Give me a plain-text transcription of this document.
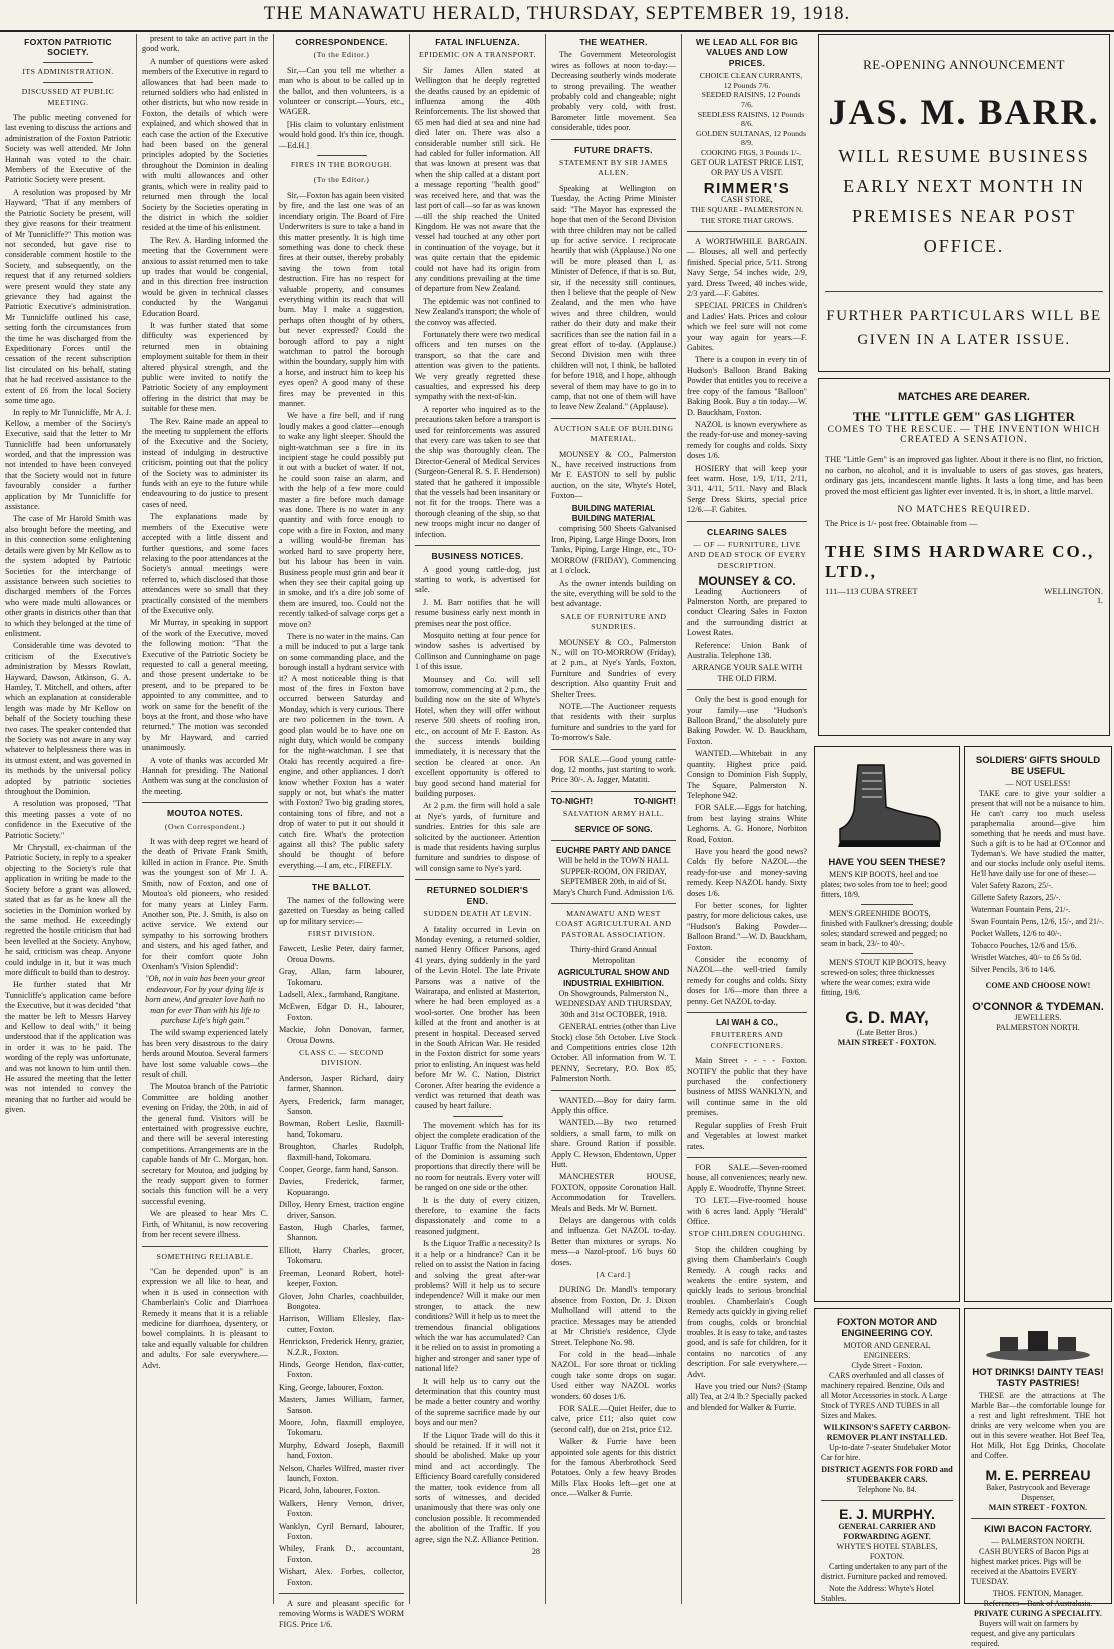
THE MANAWATU HERALD, THURSDAY, SEPTEMBER 19, 1918.
FOXTON PATRIOTIC SOCIETY.
ITS ADMINISTRATION.
DISCUSSED AT PUBLIC MEETING.

The public meeting convened for last evening to discuss the actions and administration of the Foxton Patriotic Society was well attended. Mr John Hannah was voted to the chair. Members of the Executive of the Patriotic Society were present.

A resolution was proposed by Mr Hayward, "That if any members of the Patriotic Society be present, will they give reasons for their treatment of Mr Tunnicliffe?" This motion was not seconded, but gave rise to considerable comment hostile to the Society, and subsequently, on the request that if any returned soldiers were present would they state any grievance they had against the Patriotic Executive's administration. Mr Tunnicliffe outlined his case, setting forth the circumstances from the time he was discharged from the Expeditionary Forces until the cessation of the recent subscription list circulated on his behalf, stating that he had received assistance to the extent of £6 from the local Society some time ago.

In reply to Mr Tunnicliffe, Mr A. J. Kellow, a member of the Society's Executive, said that the letter to Mr Tunnicliffe had been unfortunately worded, and that the impression was not intended to have been conveyed that the Society would not in future favourably consider a further application by Mr Tunnicliffe for assistance.

The case of Mr Harold Smith was also brought before the meeting, and in this connection some enlightening details were given by Mr Kellow as to the system adopted by Patriotic Societies for the interchange of assistance between such societies to discharged members of the Forces who were made multi allowances or other grants in districts other than that to which they belonged at the time of enlistment.

Considerable time was devoted to criticism of the Executive's administration by Messrs Rowlatt, Hayward, Dawson, Atkinson, G. A. Hamley, T. Mitchell, and others, after which an explanation at considerable length was made by Mr Kellow on behalf of the Society touching these two cases. The speaker contended that the Society was not aware in any way whatever to helplessness there was in its utmost extent, and was governed in its methods by the universal policy adopted by patriotic societies throughout the Dominion.

A resolution was proposed, "That this meeting passes a vote of no confidence in the Executive of the Patriotic Society."

Mr Chrystall, ex-chairman of the Patriotic Society, in reply to a speaker objecting to the Society's rule that application in writing be made to the Society before a grant was allowed, stated that as far as he knew all the societies in the Dominion worked by the same method. He exceedingly regretted the hostile criticism that had been levelled at the Society. Anyhow, he said, criticism was cheap. Anyone could indulge in it, but it was much more difficult to build than to destroy.

He further stated that Mr Tunnicliffe's application came before the Executive, but it was decided "that the matter be left to Messrs Harvey and Kellow to deal with," it being understood that if the application was in order it was to be paid. The wording of the reply was unfortunate, and was not known to him until then. He assured the meeting that the letter was not intended to convey the meaning that no further aid would be given.

present to take an active part in the good work.

A number of questions were asked members of the Executive in regard to allowances that had been made to returned soldiers who had enlisted in other districts, but who now reside in Foxton, the details of which were explained, and which showed that in each case the action of the Executive had been based on the general principles adopted by the Societies throughout the Dominion in dealing with multi allowances and other grants, which were in reality paid to returned men through the local Society by the Societies operating in the district in which the soldier resided at the time of his enlistment.

The Rev. A. Harding informed the meeting that the Government were anxious to assist returned men to take up trades that would be congenial, and in this direction free instruction would be given in technical classes conducted by the Wanganui Education Board.

It was further stated that some difficulty was experienced by returned men in obtaining employment suitable for them in their altered physical strength, and the public were invited to notify the Patriotic Society of any employment offering in the district that may be suitable for these men.

The Rev. Raine made an appeal to the meeting to supplement the efforts of the Executive and the Society, instead of indulging in destructive criticism, pointing out that the policy of the Society was to administer its funds with an eye to the future while endeavouring to do justice to present cases of need.

The explanations made by members of the Executive were accepted with a little dissent and further questions, and some faces relaxing to the poor attendances at the Society's annual meetings were referred to, which disclosed that those attendances were so small that they practically consisted of the members of the Executive only.

Mr Murray, in speaking in support of the work of the Executive, moved the following motion: "That the Executive of the Patriotic Society be requested to call a general meeting, and those present undertake to be present, and to be prepared to be appointed to any committee, and to work on same for the benefit of the boys at the front, and those who have returned." The motion was seconded by Mr Hayward, and carried unanimously.

A vote of thanks was accorded Mr Hannah for presiding. The National Anthem was sung at the conclusion of the meeting.

MOUTOA NOTES.
(Own Correspondent.)

It was with deep regret we heard of the death of Private Frank Smith, killed in action in France. Pte. Smith was the youngest son of Mr J. A. Smith, now of Foxton, and one of Moutoa's old pioneers, who resided for many years at Linley Farm. Another son, Pte. J. Smith, is also on active service. We extend our sympathy to his sorrowing brothers and sisters, and his aged father, and for their comfort quote John Oxenham's 'Vision Splendid':

"Oh, not in vain has been your great endeavour, For by your dying life is born anew, And greater love hath no man for ever Than with his life to purchase Life's high gain."

The wild swamp experienced lately has been very disastrous to the dairy herds around Moutoa. Several farmers have lost some valuable cows—the result of chill.

The Moutoa branch of the Patriotic Committee are holding another evening on Friday, the 20th, in aid of the general fund. Visitors will be entertained with progressive euchre, and there will be several interesting competitions. Arrangements are in the capable hands of Mr C. Morgan, hon. secretary for Moutoa, and judging by the ready support given to former socials this function will be a very successful evening.

We are pleased to hear Mrs C. Firth, of Whitanui, is now recovering from her recent severe illness.

SOMETHING RELIABLE.

"Can be depended upon" is an expression we all like to hear, and when it is used in connection with Chamberlain's Colic and Diarrhoea Remedy it means that it is a reliable medicine for diarrhoea, dysentery, or bowel complaints. It is pleasant to take and equally valuable for children and adults. For sale everywhere.—Advt.

CORRESPONDENCE.
(To the Editor.)

Sir,—Can you tell me whether a man who is about to be called up in the ballot, and then volunteers, is a volunteer or conscript.—Yours, etc., WAGER.

[His claim to voluntary enlistment would hold good. It's thin ice, though.—Ed.H.]

FIRES IN THE BOROUGH.
(To the Editor.)

Sir,—Foxton has again been visited by fire, and the last one was of an incendiary origin. The Board of Fire Underwriters is sure to take a hand in this matter presently. It is high time something was done to check these fires at their outset, thereby probably saving the town from total destruction. Fire has no respect for valuable property, and consumes everything within its reach that will burn. May I make a suggestion, perhaps often thought of by others, but never expressed? Could the borough afford to pay a night watchman to patrol the borough within the boundary, supply him with a horse, and instruct him to keep his eyes open? A good many of these fires may be prevented in this manner.

We have a fire bell, and if rung loudly makes a good clatter—enough to wake any light sleeper. Should the night-watchman see a fire in its incipient stage he could possibly put it out with a bucket of water. If not, he could soon raise an alarm, and with the help of a few more could master a fire before much damage was done. There is no water in any quantity and with force enough to cope with a fire in Foxton, and many a willing would-be fireman has worked hard to save property here, but his labour has been in vain. Business people must grin and bear it when they see their capital going up in smoke, and it's a dire job some of them are insured, too. Could not the recently talked-of salvage corps get a move on?

There is no water in the mains. Can a mill be induced to put a large tank on some commanding place, and the borough install a hydrant service with it? A most noticeable thing is that most of the fires in Foxton have occurred between Saturday and Monday, which is very curious. There are two policemen in the town. A good plan would be to have one on night duty, which would be company for the night-watchman. I see that Otaki has recently acquired a fire-engine, and other appliances. I don't know whether Foxton has a water supply or not, but what's the matter with Foxton? Two big grading stores, containing tons of fibre, and not a drop of water to put it out should it catch fire. What's the protection against all this? The public safety should be thought of before everything.—I am, etc., FIREFLY.

THE BALLOT.

The names of the following were gazetted on Tuesday as being called up for military service:—

FIRST DIVISION.
Fawcett, Leslie Peter, dairy farmer, Oroua Downs.
Gray, Allan, farm labourer, Tokomaru.
Ladsell, Alex., farmhand, Rangitane.
McEwen, Edgar D. H., labourer, Foxton.
Mackie, John Donovan, farmer, Oroua Downs.
CLASS C. — SECOND DIVISION.
Anderson, Jasper Richard, dairy farmer, Shannon.
Ayers, Frederick, farm manager, Sanson.
Bowman, Robert Leslie, flaxmill-hand, Tokomaru.
Broughton, Charles Rudolph, flaxmill-hand, Tokomaru.
Cooper, George, farm hand, Sanson.
Davies, Frederick, farmer, Kopuarango.
Dilloy, Henry Ernest, traction engine driver, Sanson.
Easton, Hugh Charles, farmer, Shannon.
Elliott, Harry Charles, grocer, Tokomaru.
Freeman, Leonard Robert, hotel-keeper, Foxton.
Glover, John Charles, coachbuilder, Bongotea.
Harrison, William Ellesley, flax-cutter, Foxton.
Henrickson, Frederick Henry, grazier, N.Z.R., Foxton.
Hinds, George Hendon, flax-cutter, Foxton.
King, George, labourer, Foxton.
Masters, James William, farmer, Sanson.
Moore, John, flaxmill employee, Tokomaru.
Murphy, Edward Joseph, flaxmill hand, Foxton.
Nelson, Charles Wilfred, master river launch, Foxton.
Picard, John, labourer, Foxton.
Walkers, Henry Vernon, driver, Foxton.
Wanklyn, Cyril Bernard, labourer, Foxton.
Whiley, Frank D., accountant, Foxton.
Wishart, Alex. Forbes, collector, Foxton.

A sure and pleasant specific for removing Worms is WADE'S WORM FIGS. Price 1/6.

FATAL INFLUENZA.
EPIDEMIC ON A TRANSPORT.

Sir James Allen stated at Wellington that he deeply regretted the deaths caused by an epidemic of influenza among the 40th Reinforcements. The list showed that 65 men had died at sea and nine had died later on. There was also a considerable number still sick. He had cabled for fuller information. All that was known at present was that when the ship called at a distant port a message reporting "health good" was received here, and that was the last port of call—so far as was known—till the ship reached the United Kingdom. He was not aware that the vessel had touched at any other port in continuation of the voyage, but it was quite certain that the epidemic could not have had its origin from any conditions prevailing at the time of departure from New Zealand.

The epidemic was not confined to New Zealand's transport; the whole of the convoy was affected.

Fortunately there were two medical officers and ten nurses on the transport, so that the care and attention was given to the patients. We very greatly regretted these casualties, and expressed his deep sympathy with the next-of-kin.

A reporter who inquired as to the precautions taken before a transport is used for reinforcements was assured that every care was taken to see that the ship was thoroughly clean. The Director-General of Medical Services (Surgeon-General R. S. F. Henderson) stated that he gathered it impossible that the vessels had been insanitary or not fit for the troops. There was a thorough cleaning of the ship, so that new troops might incur no danger of infection.

BUSINESS NOTICES.

A good young cattle-dog, just starting to work, is advertised for sale.

J. M. Barr notifies that he will resume business early next month in premises near the post office.

Mosquito netting at four pence for window sashes is advertised by Collinson and Cunninghame on page 1 of this issue.

Mounsey and Co. will sell tomorrow, commencing at 2 p.m., the building now on the site of Whyte's Hotel, when they will offer without reserve 500 sheets of roofing iron, etc., on account of Mr F. Easton. As the success intends building immediately, it is necessary that the section be cleared at once. An excellent opportunity is offered to buy good second hand material for building purposes.

At 2 p.m. the firm will hold a sale at Nye's yards, of furniture and sundries. Entries for this sale are solicited by the auctioneer. Attention is made that residents having surplus furniture and sundries to dispose of will consign same to Nye's yard.

RETURNED SOLDIER'S END.
SUDDEN DEATH AT LEVIN.

A fatality occurred in Levin on Monday evening, a returned soldier, named Henry Officer Parsons, aged 41 years, dying suddenly in the yard of the Levin Hotel. The late Private Parsons was a native of the Wairarapa, and enlisted at Masterton, where he had been employed as a wool-sorter. One brother has been killed at the front and another is at present in hospital. Deceased served in the South African War. He resided in the Foxton district for some years prior to enlisting. An inquest was held before Mr W. C. Nation, District Coroner. After hearing the evidence a verdict was returned that death was caused by heart failure.

The movement which has for its object the complete eradication of the Liquor Traffic from the National life of the Dominion is assuming such proportions that directly there will be no room for neutrals. Every voter will be ranged on one side or the other.

It is the duty of every citizen, therefore, to examine the facts dispassionately and come to a reasoned judgment.

Is the Liquor Traffic a necessity? Is it a help or a hindrance? Can it be relied on to assist the Nation in facing and solving the great after-war problems? Will it help us to secure independence? Will it make our men stronger, to attack the new conditions? Will it help us to meet the tremendous financial obligations which the war has accumulated? Can it be relied on to assist in promoting a higher and stronger and saner type of national life?

It will help us to carry out the determination that this country must be made a better country and worthy of the supreme sacrifice made by our boys and our men?

If the Liquor Trade will do this it should be retained. If it will not it should be abolished. Make up your mind and act accordingly. The Efficiency Board carefully considered the matter, took evidence from all sorts of witnesses, and decided unanimously that there was only one conclusion possible. It recommended the abolition of the Traffic. If you agree, sign the N.Z. Alliance Petition.

28
THE WEATHER.

The Government Meteorologist wires as follows at noon to-day:— Decreasing southerly winds moderate to strong prevailing. The weather probably cold and changeable; night probably very cold, with frost. Barometer little movement. Sea considerable, tides poor.

FUTURE DRAFTS.
STATEMENT BY SIR JAMES ALLEN.

Speaking at Wellington on Tuesday, the Acting Prime Minister said: "The Mayor has expressed the hope that men of the Second Division with three children may not be called up for active service. I reciprocate heartily that wish (Applause.) No one will be more pleased than I, as Minister of Defence, if that is so. But, sir, if the necessity still continues, then I believe that the people of New Zealand, and the men who have wives and three children, would rather do their duty and make their sacrifices than see the nation fail in a great effort of to-day. (Applause.) Second Division men with three children will not, I think, be balloted for before 1918, and I hope, although several of them may have to go in to camp, that not one of them will have to leave New Zealand." (Applause).

AUCTION SALE OF BUILDING MATERIAL.

MOUNSEY & CO., Palmerston N., have received instructions from Mr F. EASTON to sell by public auction, on the site, Whyte's Hotel, Foxton—

BUILDING MATERIAL BUILDING MATERIAL

comprising 500 Sheets Galvanised Iron, Piping, Large Hinge Doors, Iron Tanks, Piping, Large Hinge, etc., TO-MORROW (FRIDAY), Commencing at 1 o'clock.

As the owner intends building on the site, everything will be sold to the best advantage.

SALE OF FURNITURE AND SUNDRIES.

MOUNSEY & CO., Palmerston N., will on TO-MORROW (Friday), at 2 p.m., at Nye's Yards, Foxton, Furniture and Sundries of every description. Also quantity Fruit and Shelter Trees.

NOTE.—The Auctioneer requests that residents with their surplus furniture and sundries to the yard for To-morrow's Sale.

FOR SALE.—Good young cattle-dog, 12 months, just starting to work. Price 30/-. A. Jagger, Matatiti.

TO-NIGHT!	TO-NIGHT!
SALVATION ARMY HALL.
SERVICE OF SONG.
EUCHRE PARTY AND DANCE

Will be held in the TOWN HALL SUPPER-ROOM, ON FRIDAY, SEPTEMBER 20th, in aid of St. Mary's Church Fund. Admission 1/6.

MANAWATU AND WEST COAST AGRICULTURAL AND PASTORAL ASSOCIATION.

Thirty-third Grand Annual Metropolitan

AGRICULTURAL SHOW AND INDUSTRIAL EXHIBITION.

On Showgrounds, Palmerston N., WEDNESDAY AND THURSDAY, 30th and 31st OCTOBER, 1918.

GENERAL entries (other than Live Stock) close 5th October. Live Stock and Competitions entries close 12th October. All information from W. T. PENNY, Secretary, P.O. Box 85, Palmerston North.

WANTED.—Boy for dairy farm. Apply this office.

WANTED.—By two returned soldiers, a small farm, to milk on share. Ground Ration if possible. Apply C. Hewson, Ebdentown, Upper Hutt.

MANCHESTER HOUSE, FOXTON, opposite Coronation Hall. Accommodation for Travellers. Meals and Beds. Mr W. Burnett.

Delays are dangerous with colds and influenza. Get NAZOL to-day. Better than mixtures or syrups. No mess—a Nazol-proof. 1/6 buys 60 doses.

[A Card.]

DURING Dr. Mandl's temporary absence from Foxton, Dr. J. Dixon Mulholland will attend to the practice. Messages may be attended at Mr Christie's residence, Clyde Street. Telephone No. 98.

For cold in the head—inhale NAZOL. For sore throat or tickling cough take some drops on sugar. Used either way NAZOL works wonders. 60 doses 1/6.

FOR SALE.—Quiet Heifer, due to calve, price £11; also quiet cow (second calf), due on 21st, price £12.

Walker & Furrie have been appointed sole agents for this district for the famous Aberbrothock Seed Potatoes. Only a few heavy Brodes Mills Flax Hooks left—get one at once.—Walker & Furrie.

WE LEAD ALL FOR BIG VALUES AND LOW PRICES.

CHOICE CLEAN CURRANTS, 12 Pounds 7/6.

SEEDED RAISINS, 12 Pounds 7/6.

SEEDLESS RAISINS, 12 Pounds 8/6.

GOLDEN SULTANAS, 12 Pounds 8/9.

COOKING FIGS, 3 Pounds 1/-.

GET OUR LATEST PRICE LIST, OR PAY US A VISIT.

RIMMER'S
CASH STORE,
THE SQUARE - PALMERSTON N.
THE STORE THAT GROWS.

A WORTHWHILE BARGAIN.— Blouses, all well and perfectly finished. Special price, 5/11. Strong Navy Serge, 54 inches wide, 2/9, yard. Dress Tweed, 40 inches wide, 2/3 yard.—F. Gabites.

SPECIAL PRICES in Children's and Ladies' Hats. Prices and colour which we feel sure will not come your way again for years.—F. Gabites.

There is a coupon in every tin of Hudson's Balloon Brand Baking Powder that entitles you to receive a free copy of the famous "Balloon" Baking Book. Buy a tin today.—W. D. Bauckham, Foxton.

NAZOL is known everywhere as the ready-for-use and money-saving remedy for coughs and colds. Sixty doses 1/6.

HOSIERY that will keep your feet warm. Hose, 1/9, 1/11, 2/11, 3/11, 4/11, 5/11. Navy and Black Serge Dress Skirts, special price 12/6.—F. Gabites.

CLEARING SALES
— OF — FURNITURE, LIVE AND DEAD STOCK OF EVERY DESCRIPTION.
MOUNSEY & CO.

Leading Auctioneers of Palmerston North, are prepared to conduct Clearing Sales in Foxton and the surrounding district at Lowest Rates.

Reference: Union Bank of Australia. Telephone 138.

ARRANGE YOUR SALE WITH THE OLD FIRM.

Only the best is good enough for your family—use "Hudson's Balloon Brand," the absolutely pure Baking Powder. W. D. Bauckham, Foxton.

WANTED.—Whitebait in any quantity. Highest price paid. Consign to Dominion Fish Supply, The Square, Palmerston N. Telephone 942.

FOR SALE.—Eggs for hatching, from best laying strains White Leghorns. A. G. Honore, Norbiton Road, Foxton.

Have you heard the good news? Colds fly before NAZOL—the ready-for-use and money-saving remedy. Keep NAZOL handy. Sixty doses 1/6.

For better scones, for lighter pastry, for more delicious cakes, use "Hudson's Baking Powder—Balloon Brand."—W. D. Bauckham, Foxton.

Consider the economy of NAZOL—the well-tried family remedy for coughs and colds. Sixty doses for 1/6—more than three a penny. Get NAZOL to-day.

LAI WAH & CO.,
FRUITERERS AND CONFECTIONERS.

Main Street - - - - Foxton. NOTIFY the public that they have purchased the confectionery business of MISS WANKLYN, and will continue same in the old premises.

Regular supplies of Fresh Fruit and Vegetables at lowest market rates.

FOR SALE.—Seven-roomed house, all conveniences; nearly new. Apply E. Woodroffe, Thynne Street.

TO LET.—Five-roomed house with 6 acres land. Apply "Herald" Office.

STOP CHILDREN COUGHING.

Stop the children coughing by giving them Chamberlain's Cough Remedy. A cough racks and weakens the entire system, and quickly leads to serious bronchial troubles. Chamberlain's Cough Remedy acts quickly in giving relief from coughs, colds or bronchial troubles. It is easy to take, and tastes good, and is safe for children, for it contains no narcotics of any description. For sale everywhere.—Advt.

Have you tried our Nuts? (Stamp all) Tea, at 2/4 lb.? Specially packed and blended for Walker & Furrie.

RE-OPENING ANNOUNCEMENT
JAS. M. BARR.
WILL RESUME BUSINESS EARLY NEXT MONTH IN PREMISES NEAR POST OFFICE.
FURTHER PARTICULARS WILL BE GIVEN IN A LATER ISSUE.
MATCHES ARE DEARER.
THE "LITTLE GEM" GAS LIGHTER
COMES TO THE RESCUE. — THE INVENTION WHICH CREATED A SENSATION.
THE "Little Gem" is an improved gas lighter. About it there is no flint, no friction, no carbon, no alcohol, and it is invaluable to users of gas stoves, gas heaters, ordinary gas jets, incandescent mantle lights. It lasts a long time, and has been proved the most efficient gas lighter ever invented. It is, in short, a little marvel.
NO MATCHES REQUIRED.
The Price is 1/- post free. Obtainable from —
THE SIMS HARDWARE CO., LTD.,
111—113 CUBA STREET	WELLINGTON.
1.
HAVE YOU SEEN THESE?

MEN'S KIP BOOTS, heel and toe plates; two soles from toe to heel; good fitters, 18/9.

MEN'S GREENHIDE BOOTS, finished with Faulkner's dressing; double soles; standard screwed and pegged; no seam in back, 23/- to 40/-.

MEN'S STOUT KIP BOOTS, heavy screwed-on soles; three thicknesses where the wear comes; extra wide fitting, 19/6.

G. D. MAY,
(Late Better Bros.)
MAIN STREET - FOXTON.
SOLDIERS' GIFTS SHOULD BE USEFUL
— NOT USELESS!

TAKE care to give your soldier a present that will not be a nuisance to him. He can't carry too much useless paraphernalia around—give him something that he needs and must have. Such a gift is to be had at O'Connor and Tydeman's. We have studied the matter, and our stocks include only useful items. He'll have daily use for one of these:—

Valet Safety Razors, 25/-.
Gillette Safety Razors, 25/-.
Waterman Fountain Pens, 21/-.
Swan Fountain Pens, 12/6, 15/-, and 21/-.
Pocket Wallets, 12/6 to 40/-.
Tobacco Pouches, 12/6 and 15/6.
Wristlet Watches, 40/- to £6 5s 0d.
Silver Pencils, 3/6 to 14/6.
COME AND CHOOSE NOW!
O'CONNOR & TYDEMAN.
JEWELLERS.
PALMERSTON NORTH.
FOXTON MOTOR AND ENGINEERING COY.
MOTOR AND GENERAL ENGINEERS.
Clyde Street - Foxton.

CARS overhauled and all classes of machinery repaired. Benzine, Oils and all Motor Accessories in stock. A Large Stock of TYRES AND TUBES in all Sizes and Makes.

WILKINSON'S SAFETY CARBON-REMOVER PLANT INSTALLED.

Up-to-date 7-seater Studebaker Motor Car for hire.

DISTRICT AGENTS FOR FORD and STUDEBAKER CARS.
Telephone No. 84.
E. J. MURPHY.
GENERAL CARRIER AND FORWARDING AGENT.
WHYTE'S HOTEL STABLES, FOXTON.

Carting undertaken to any part of the district. Furniture packed and removed.

Note the Address: Whyte's Hotel Stables.

HOT DRINKS! DAINTY TEAS! TASTY PASTRIES!

THESE are the attractions at The Marble Bar—the comfortable lounge for a rest and light refreshment. THE hot drinks are very welcome when you are out in this severe weather. Hot Beef Tea, Hot Milk, Hot Egg Drinks, Chocolate and Coffee.

M. E. PERREAU
Baker, Pastrycook and Beverage Dispenser,
MAIN STREET - FOXTON.
KIWI BACON FACTORY.
— PALMERSTON NORTH.

CASH BUYERS of Bacon Pigs at highest market prices. Pigs will be received at the Abattoirs EVERY TUESDAY.

THOS. FENTON, Manager.
References—Bank of Australasia.
PRIVATE CURING A SPECIALITY.

Buyers will wait on farmers by request, and give any particulars required.
